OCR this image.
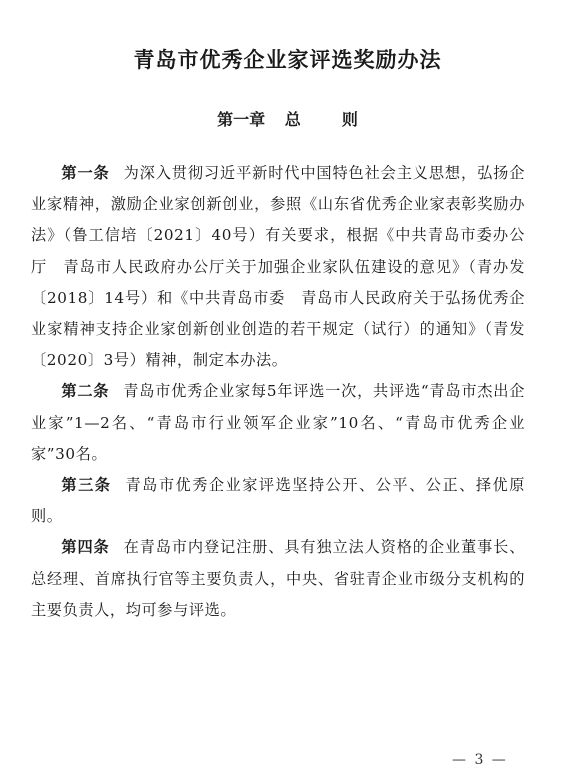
青岛市优秀企业家评选奖励办法
第一章 总	则

第一条 为深入贯彻习近平新时代中国特色社会主义思想，弘扬企业家精神，激励企业家创新创业，参照《山东省优秀企业家表彰奖励办法》（鲁工信培〔2021〕40号）有关要求，根据《中共青岛市委办公厅　青岛市人民政府办公厅关于加强企业家队伍建设的意见》（青办发〔2018〕14号）和《中共青岛市委　青岛市人民政府关于弘扬优秀企业家精神支持企业家创新创业创造的若干规定（试行）的通知》（青发〔2020〕3号）精神，制定本办法。

第二条 青岛市优秀企业家每5年评选一次，共评选“青岛市杰出企业家”1—2名、“青岛市行业领军企业家”10名、“青岛市优秀企业家”30名。

第三条 青岛市优秀企业家评选坚持公开、公平、公正、择优原则。

第四条 在青岛市内登记注册、具有独立法人资格的企业董事长、总经理、首席执行官等主要负责人，中央、省驻青企业市级分支机构的主要负责人，均可参与评选。

— 3 —
